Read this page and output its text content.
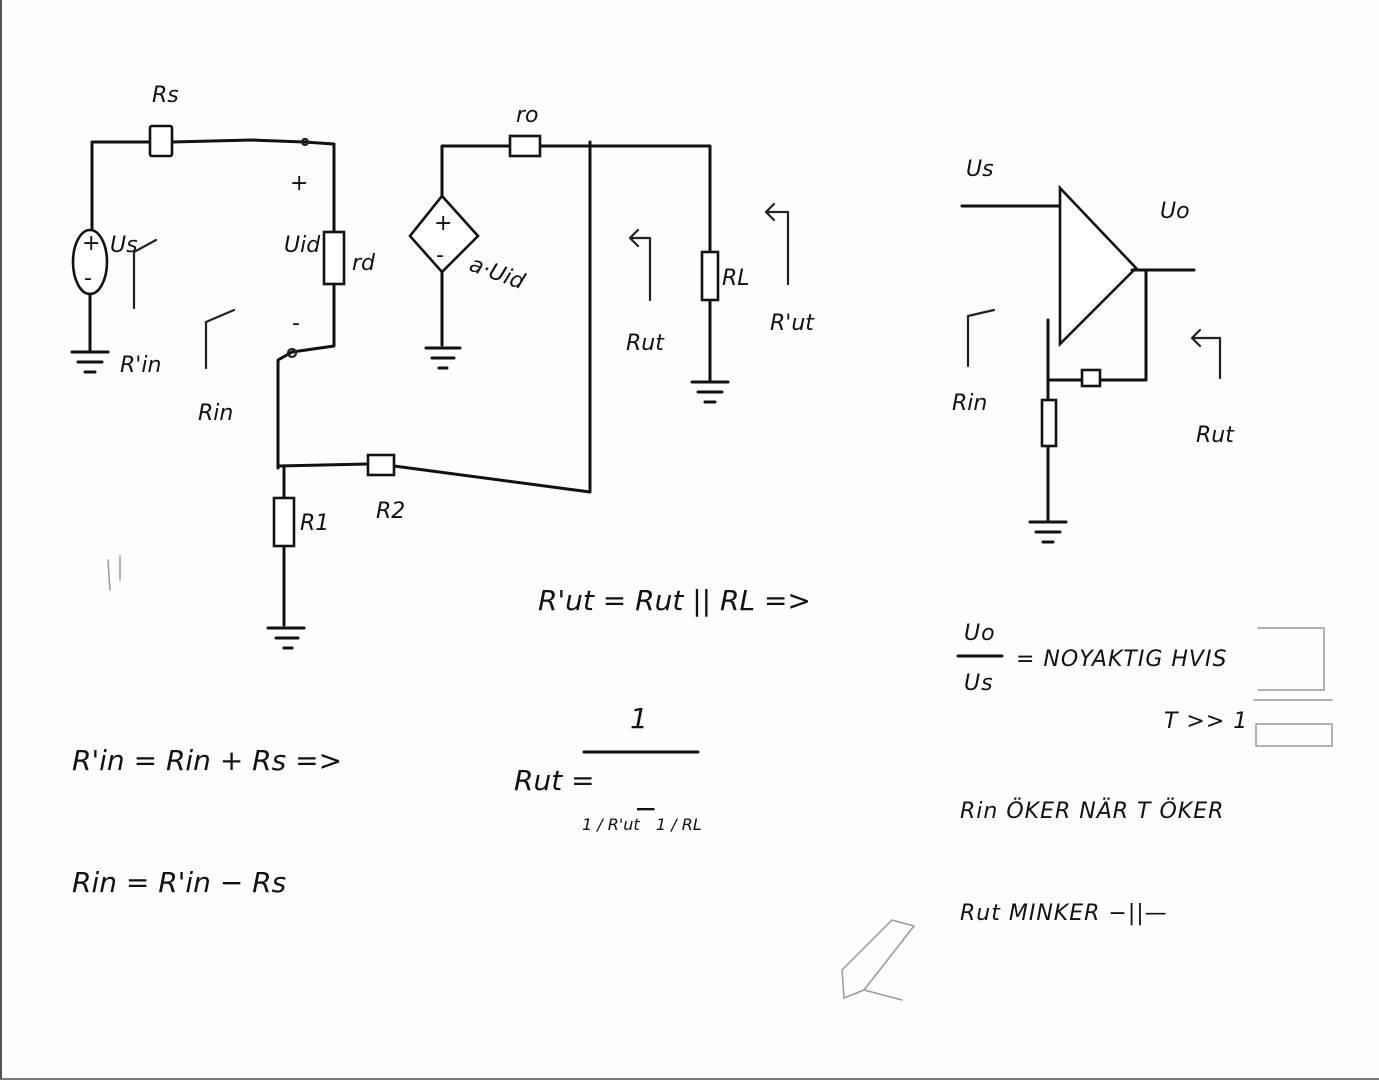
Rs
+
-
Us
R'in
rd
+
Uid
-
Rin
R2
R1
ro
+
- a·Uid	RL
Rut
R'ut
Us
Uo
Rin
Rut
R'in = Rin + Rs =>
Rin = R'in − Rs
R'ut = Rut || RL =>
Rut =
1
1 / R'ut
−
1 / RL
Uo
Us
= NOYAKTIG HVIS
T >> 1
Rin ÖKER NÄR T ÖKER
Rut MINKER −||—
